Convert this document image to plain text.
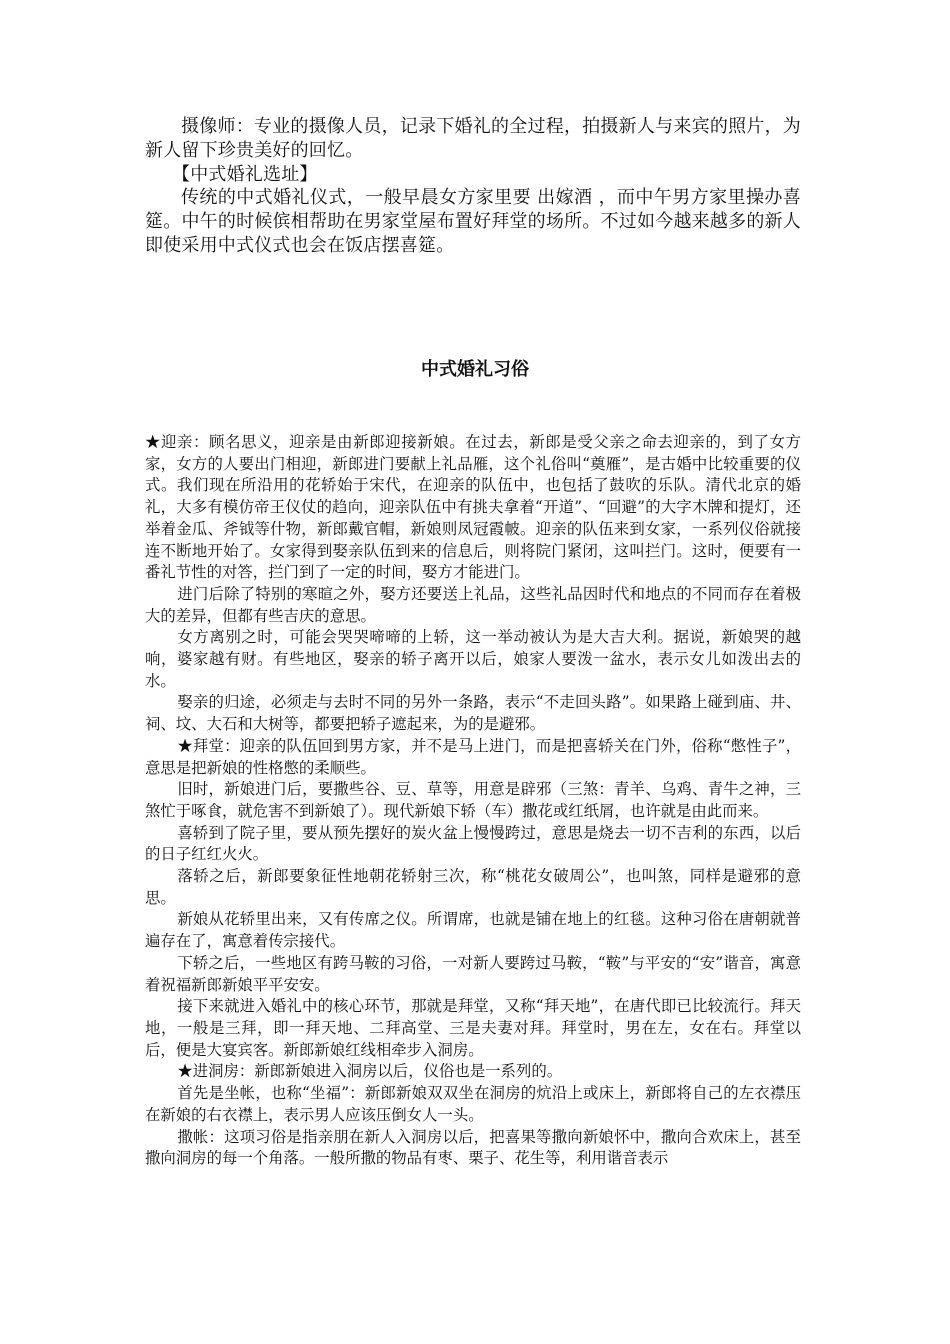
摄像师：专业的摄像人员，记录下婚礼的全过程，拍摄新人与来宾的照片，为新人留下珍贵美好的回忆。

【中式婚礼选址】

传统的中式婚礼仪式，一般早晨女方家里要 出嫁酒 ，而中午男方家里操办喜筵。中午的时候傧相帮助在男家堂屋布置好拜堂的场所。不过如今越来越多的新人即使采用中式仪式也会在饭店摆喜筵。

中式婚礼习俗

★迎亲：顾名思义，迎亲是由新郎迎接新娘。在过去，新郎是受父亲之命去迎亲的，到了女方家，女方的人要出门相迎，新郎进门要献上礼品雁，这个礼俗叫“奠雁”，是古婚中比较重要的仪式。我们现在所沿用的花轿始于宋代，在迎亲的队伍中，也包括了鼓吹的乐队。清代北京的婚礼，大多有模仿帝王仪仗的趋向，迎亲队伍中有挑夫拿着“开道”、“回避”的大字木牌和提灯，还举着金瓜、斧钺等什物，新郎戴官帽，新娘则凤冠霞帔。迎亲的队伍来到女家，一系列仪俗就接连不断地开始了。女家得到娶亲队伍到来的信息后，则将院门紧闭，这叫拦门。这时，便要有一番礼节性的对答，拦门到了一定的时间，娶方才能进门。

进门后除了特别的寒暄之外，娶方还要送上礼品，这些礼品因时代和地点的不同而存在着极大的差异，但都有些吉庆的意思。

女方离别之时，可能会哭哭啼啼的上轿，这一举动被认为是大吉大利。据说，新娘哭的越响，婆家越有财。有些地区，娶亲的轿子离开以后，娘家人要泼一盆水，表示女儿如泼出去的水。

娶亲的归途，必须走与去时不同的另外一条路，表示“不走回头路”。如果路上碰到庙、井、祠、坟、大石和大树等，都要把轿子遮起来，为的是避邪。

★拜堂：迎亲的队伍回到男方家，并不是马上进门，而是把喜轿关在门外，俗称“憋性子”，意思是把新娘的性格憋的柔顺些。

旧时，新娘进门后，要撒些谷、豆、草等，用意是辟邪（三煞：青羊、乌鸡、青牛之神，三煞忙于啄食，就危害不到新娘了）。现代新娘下轿（车）撒花或红纸屑，也许就是由此而来。

喜轿到了院子里，要从预先摆好的炭火盆上慢慢跨过，意思是烧去一切不吉利的东西，以后的日子红红火火。

落轿之后，新郎要象征性地朝花轿射三次，称“桃花女破周公”，也叫煞，同样是避邪的意思。

新娘从花轿里出来，又有传席之仪。所谓席，也就是铺在地上的红毯。这种习俗在唐朝就普遍存在了，寓意着传宗接代。

下轿之后，一些地区有跨马鞍的习俗，一对新人要跨过马鞍，“鞍”与平安的“安”谐音，寓意着祝福新郎新娘平平安安。

接下来就进入婚礼中的核心环节，那就是拜堂，又称“拜天地”，在唐代即已比较流行。拜天地，一般是三拜，即一拜天地、二拜高堂、三是夫妻对拜。拜堂时，男在左，女在右。拜堂以后，便是大宴宾客。新郎新娘红线相牵步入洞房。

★进洞房：新郎新娘进入洞房以后，仪俗也是一系列的。

首先是坐帐，也称“坐福”：新郎新娘双双坐在洞房的炕沿上或床上，新郎将自己的左衣襟压在新娘的右衣襟上，表示男人应该压倒女人一头。

撒帐：这项习俗是指亲朋在新人入洞房以后，把喜果等撒向新娘怀中，撒向合欢床上，甚至撒向洞房的每一个角落。一般所撒的物品有枣、栗子、花生等，利用谐音表示
